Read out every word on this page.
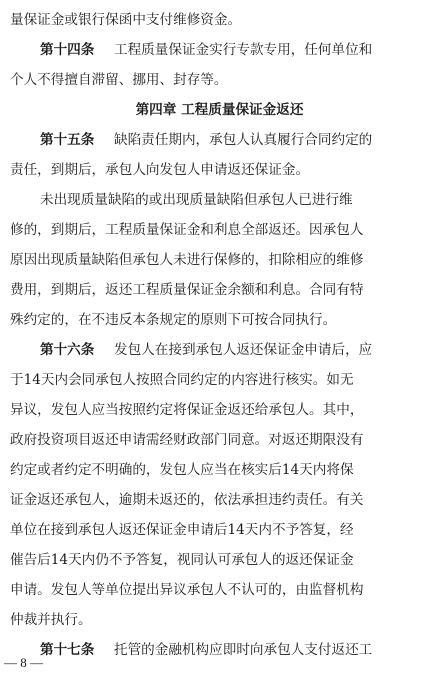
量保证金或银行保函中支付维修资金。
第十四条 工程质量保证金实行专款专用，任何单位和
个人不得擅自滞留、挪用、封存等。
第四章 工程质量保证金返还
第十五条 缺陷责任期内，承包人认真履行合同约定的
责任，到期后，承包人向发包人申请返还保证金。
未出现质量缺陷的或出现质量缺陷但承包人已进行维
修的，到期后，工程质量保证金和利息全部返还。因承包人
原因出现质量缺陷但承包人未进行保修的，扣除相应的维修
费用，到期后，返还工程质量保证金余额和利息。合同有特
殊约定的，在不违反本条规定的原则下可按合同执行。
第十六条 发包人在接到承包人返还保证金申请后，应
于14天内会同承包人按照合同约定的内容进行核实。如无
异议，发包人应当按照约定将保证金返还给承包人。其中，
政府投资项目返还申请需经财政部门同意。对返还期限没有
约定或者约定不明确的，发包人应当在核实后14天内将保
证金返还承包人，逾期未返还的，依法承担违约责任。有关
单位在接到承包人返还保证金申请后14天内不予答复，经
催告后14天内仍不予答复，视同认可承包人的返还保证金
申请。发包人等单位提出异议承包人不认可的，由监督机构
仲裁并执行。
第十七条 托管的金融机构应即时向承包人支付返还工
— 8 —
